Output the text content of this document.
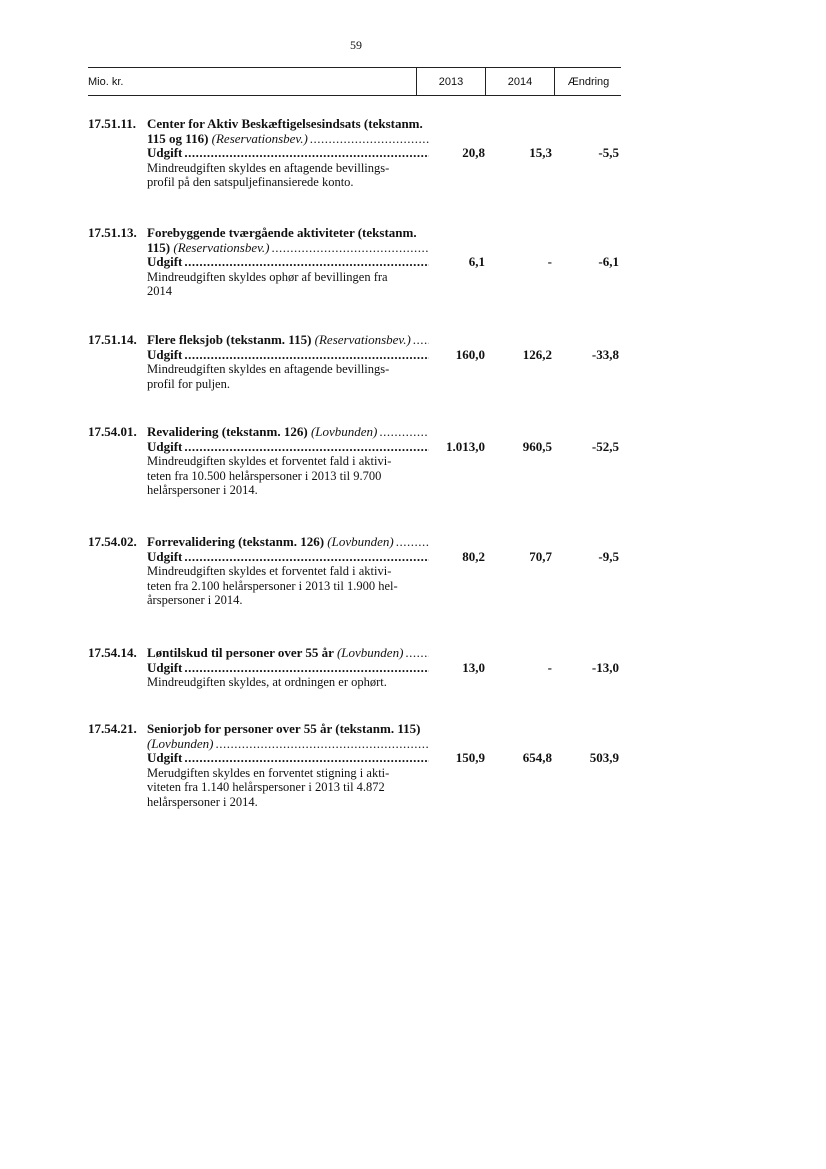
59
Mio. kr.	2013	2014	Ændring
17.51.11. Center for Aktiv Beskæftigelsesindsats (tekstanm.
115 og 116) (Reservationsbev.)
.....
Udgift
.....
Mindreudgiften skyldes en aftagende bevillings-
profil på den satspuljefinansierede konto.
20,8	15,3	-5,5
17.51.13. Forebyggende tværgående aktiviteter (tekstanm.
115) (Reservationsbev.)
.....
Udgift
.....
Mindreudgiften skyldes ophør af bevillingen fra
2014
6,1	-	-6,1
17.51.14. Flere fleksjob (tekstanm. 115) (Reservationsbev.)
.....
Udgift
.....
Mindreudgiften skyldes en aftagende bevillings-
profil for puljen.
160,0	126,2	-33,8
17.54.01. Revalidering (tekstanm. 126) (Lovbunden)
.....
Udgift
.....
Mindreudgiften skyldes et forventet fald i aktivi-
teten fra 10.500 helårspersoner i 2013 til 9.700
helårspersoner i 2014.
1.013,0	960,5	-52,5
17.54.02. Forrevalidering (tekstanm. 126) (Lovbunden)
.....
Udgift
.....
Mindreudgiften skyldes et forventet fald i aktivi-
teten fra 2.100 helårspersoner i 2013 til 1.900 hel-
årspersoner i 2014.
80,2	70,7	-9,5
17.54.14. Løntilskud til personer over 55 år (Lovbunden)
.....
Udgift
.....
Mindreudgiften skyldes, at ordningen er ophørt.
13,0	-	-13,0
17.54.21. Seniorjob for personer over 55 år (tekstanm. 115)
(Lovbunden)
.....
Udgift
.....
Merudgiften skyldes en forventet stigning i akti-
viteten fra 1.140 helårspersoner i 2013 til 4.872
helårspersoner i 2014.
150,9	654,8	503,9
